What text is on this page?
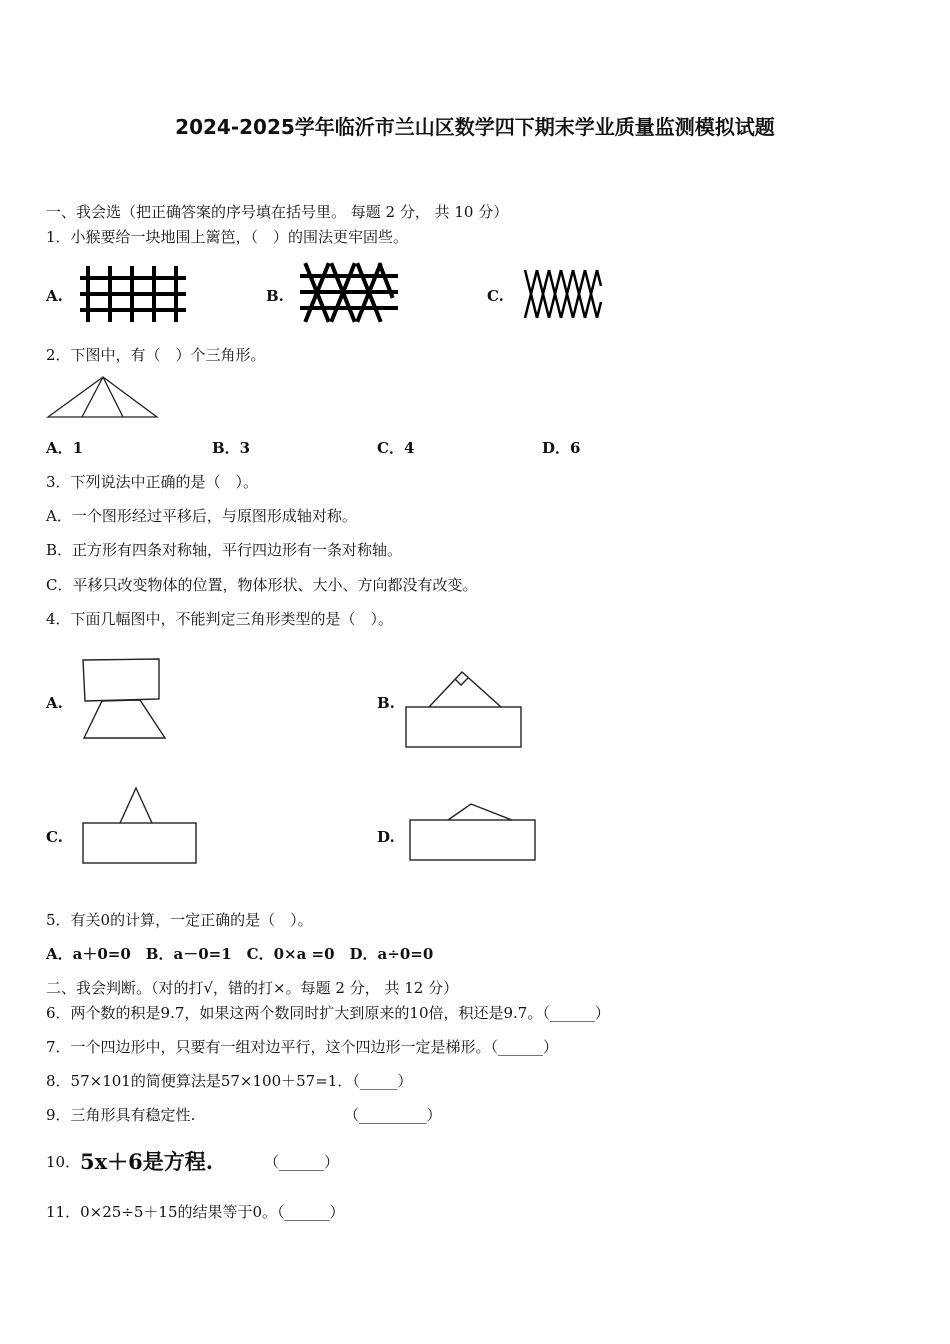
2024-2025学年临沂市兰山区数学四下期末学业质量监测模拟试题
一、我会选（把正确答案的序号填在括号里。 每题 2 分， 共 10 分）
1．小猴要给一块地围上篱笆，（　）的围法更牢固些。
A.	B.	C.
2．下图中，有（　）个三角形。
A．1	B．3	C．4	D．6
3．下列说法中正确的是（　）。
A．一个图形经过平移后，与原图形成轴对称。
B．正方形有四条对称轴，平行四边形有一条对称轴。
C．平移只改变物体的位置，物体形状、大小、方向都没有改变。
4．下面几幅图中，不能判定三角形类型的是（　）。
A.	B.
C.	D.
5．有关0的计算，一定正确的是（　）。
A．a＋0=0　B．a－0=1　C．0×a =0　D．a÷0=0
二、我会判断。（对的打√，错的打×。每题 2 分， 共 12 分）
6．两个数的积是9.7，如果这两个数同时扩大到原来的10倍，积还是9.7。（______）
7．一个四边形中，只要有一组对边平行，这个四边形一定是梯形。（______）
8．57×101的简便算法是57×100＋57=1．（_____）
9．三角形具有稳定性.	（_________）
10． 5x＋6是方程.	（______）
11．0×25÷5＋15的结果等于0。（______）
